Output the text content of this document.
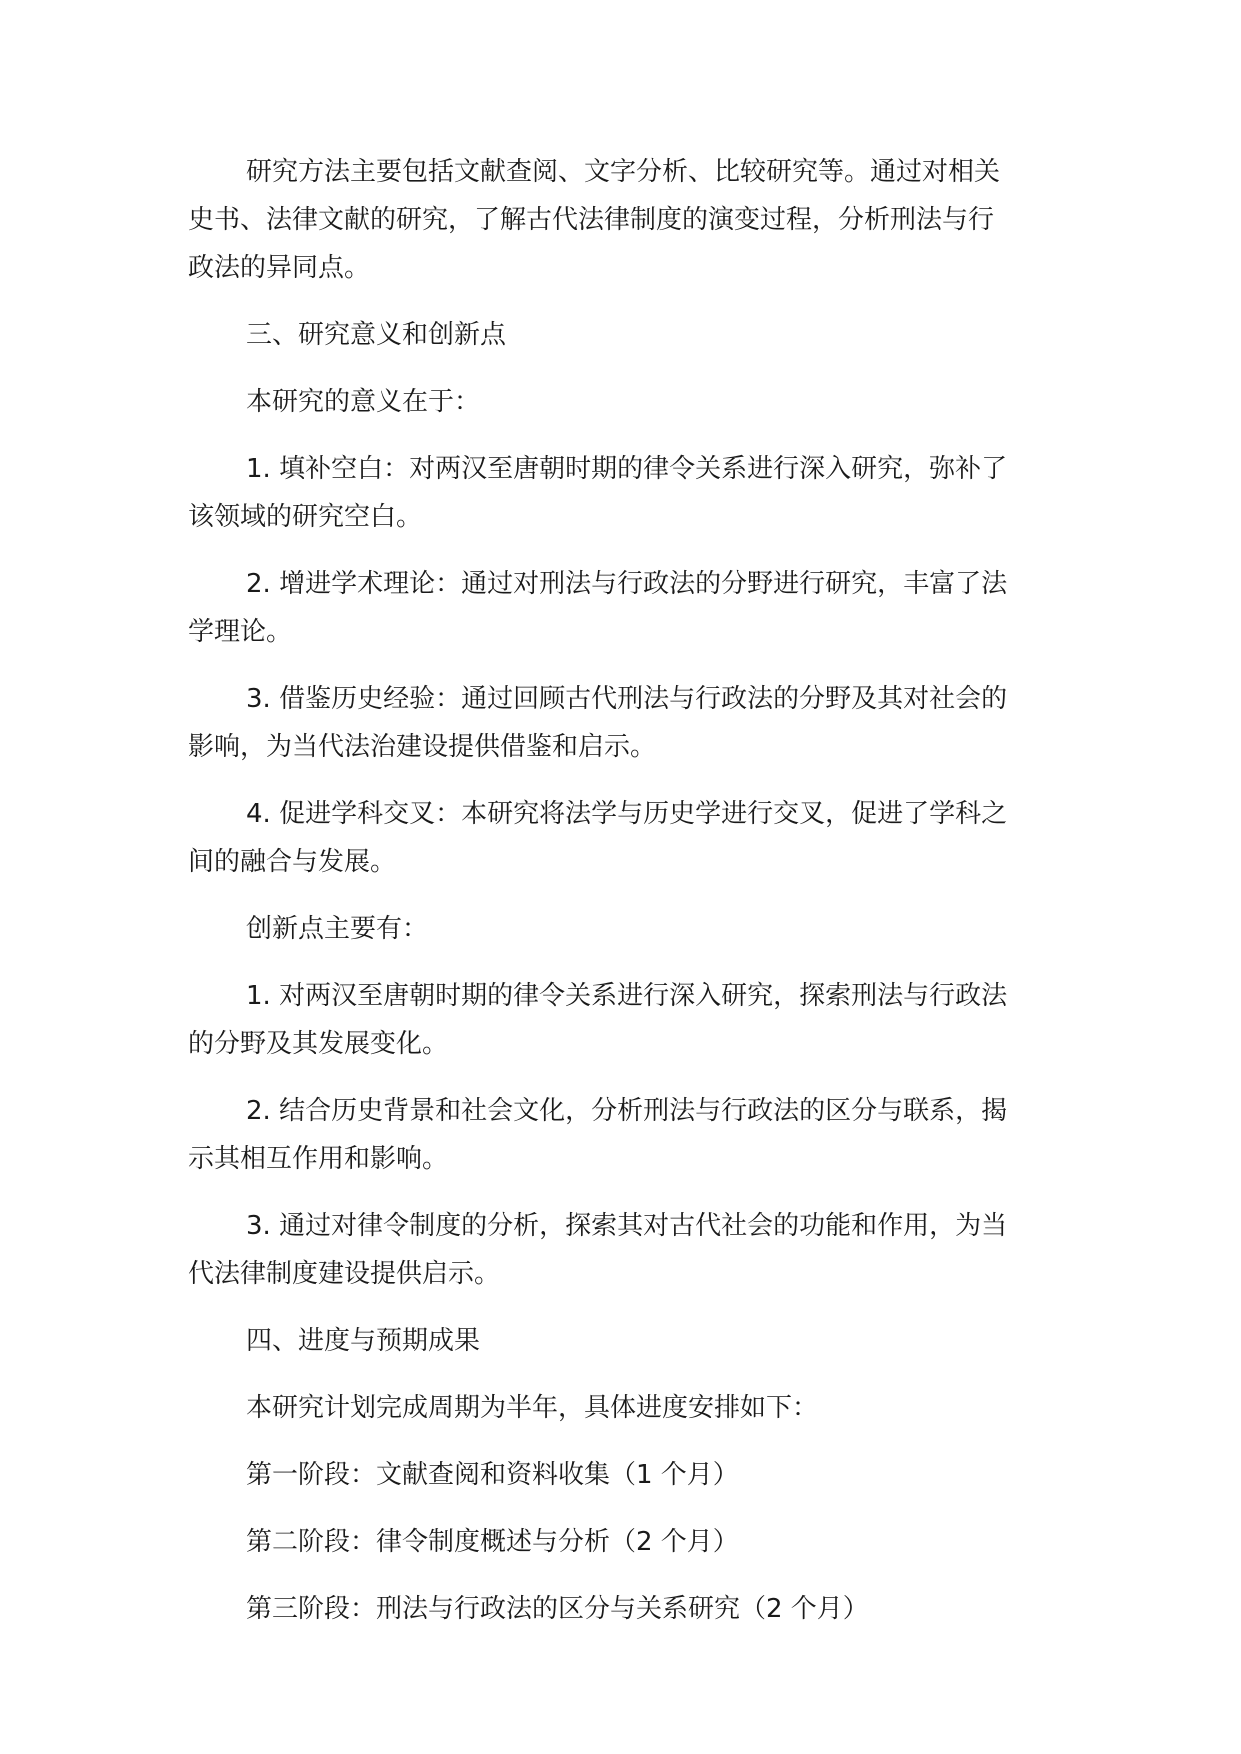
研究方法主要包括文献查阅、文字分析、比较研究等。通过对相关
史书、法律文献的研究，了解古代法律制度的演变过程，分析刑法与行
政法的异同点。

三、研究意义和创新点

本研究的意义在于：

1. 填补空白：对两汉至唐朝时期的律令关系进行深入研究，弥补了
该领域的研究空白。

2. 增进学术理论：通过对刑法与行政法的分野进行研究，丰富了法
学理论。

3. 借鉴历史经验：通过回顾古代刑法与行政法的分野及其对社会的
影响，为当代法治建设提供借鉴和启示。

4. 促进学科交叉：本研究将法学与历史学进行交叉，促进了学科之
间的融合与发展。

创新点主要有：

1. 对两汉至唐朝时期的律令关系进行深入研究，探索刑法与行政法
的分野及其发展变化。

2. 结合历史背景和社会文化，分析刑法与行政法的区分与联系，揭
示其相互作用和影响。

3. 通过对律令制度的分析，探索其对古代社会的功能和作用，为当
代法律制度建设提供启示。

四、进度与预期成果

本研究计划完成周期为半年，具体进度安排如下：

第一阶段：文献查阅和资料收集（1 个月）

第二阶段：律令制度概述与分析（2 个月）

第三阶段：刑法与行政法的区分与关系研究（2 个月）
